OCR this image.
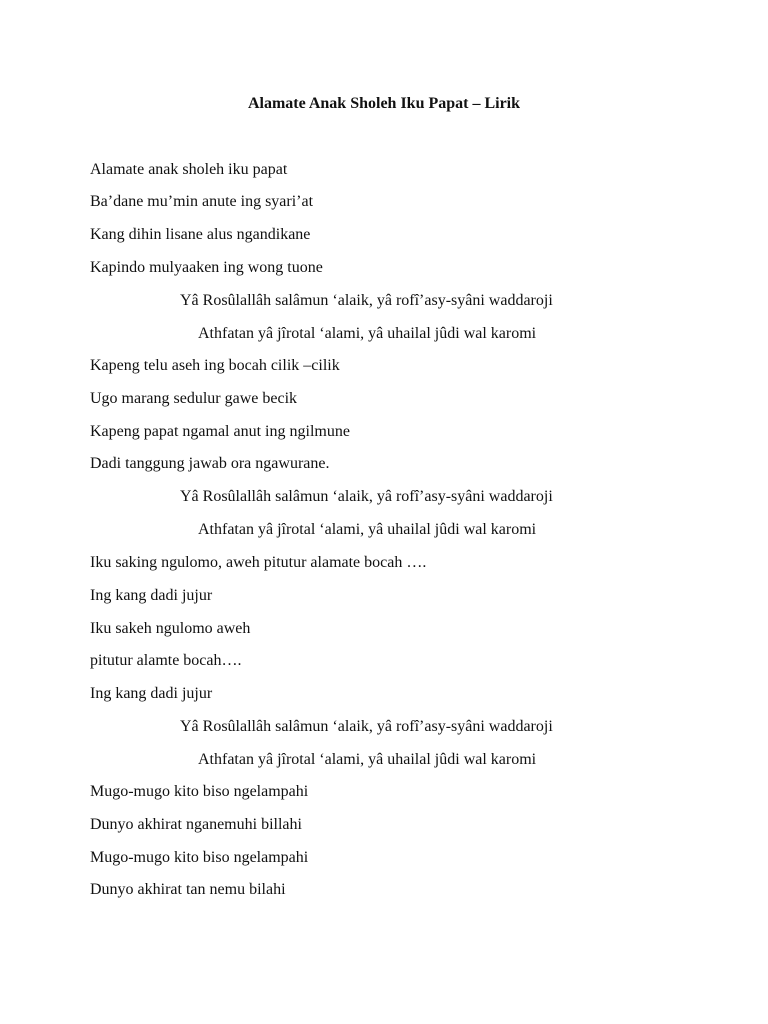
Alamate Anak Sholeh Iku Papat – Lirik
Alamate anak sholeh iku papat
Ba’dane mu’min anute ing syari’at
Kang dihin lisane alus ngandikane
Kapindo mulyaaken ing wong tuone
Yâ Rosûlallâh salâmun ‘alaik, yâ rofî’asy-syâni waddaroji
Athfatan yâ jîrotal ‘alami, yâ uhailal jûdi wal karomi
Kapeng telu aseh ing bocah cilik –cilik
Ugo marang sedulur gawe becik
Kapeng papat ngamal anut ing ngilmune
Dadi tanggung jawab ora ngawurane.
Yâ Rosûlallâh salâmun ‘alaik, yâ rofî’asy-syâni waddaroji
Athfatan yâ jîrotal ‘alami, yâ uhailal jûdi wal karomi
Iku saking ngulomo, aweh pitutur alamate bocah ….
Ing kang dadi jujur
Iku sakeh ngulomo aweh
pitutur alamte bocah….
Ing kang dadi jujur
Yâ Rosûlallâh salâmun ‘alaik, yâ rofî’asy-syâni waddaroji
Athfatan yâ jîrotal ‘alami, yâ uhailal jûdi wal karomi
Mugo-mugo kito biso ngelampahi
Dunyo akhirat nganemuhi billahi
Mugo-mugo kito biso ngelampahi
Dunyo akhirat tan nemu bilahi
